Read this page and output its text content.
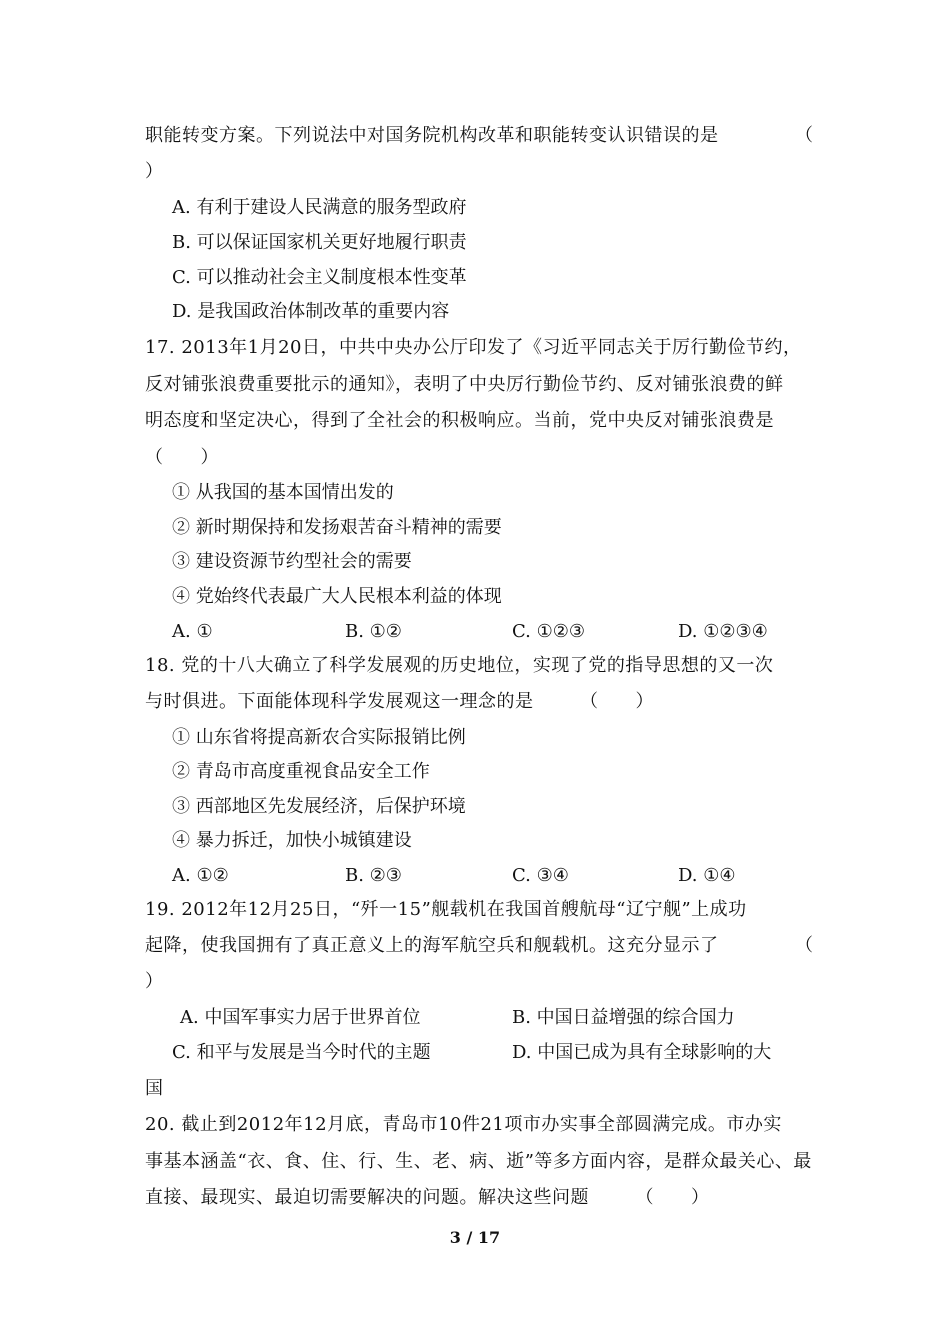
职能转变方案。下列说法中对国务院机构改革和职能转变认识错误的是	（
）
A. 有利于建设人民满意的服务型政府
B. 可以保证国家机关更好地履行职责
C. 可以推动社会主义制度根本性变革
D. 是我国政治体制改革的重要内容
17. 2013年1月20日，中共中央办公厅印发了《习近平同志关于厉行勤俭节约，
反对铺张浪费重要批示的通知》，表明了中央厉行勤俭节约、反对铺张浪费的鲜
明态度和坚定决心，得到了全社会的积极响应。当前，党中央反对铺张浪费是
（　　）
① 从我国的基本国情出发的
② 新时期保持和发扬艰苦奋斗精神的需要
③ 建设资源节约型社会的需要
④ 党始终代表最广大人民根本利益的体现
A. ①	B. ①②	C. ①②③	D. ①②③④
18. 党的十八大确立了科学发展观的历史地位，实现了党的指导思想的又一次
与时俱进。下面能体现科学发展观这一理念的是　　　（　　）
① 山东省将提高新农合实际报销比例
② 青岛市高度重视食品安全工作
③ 西部地区先发展经济，后保护环境
④ 暴力拆迁，加快小城镇建设
A. ①②	B. ②③	C. ③④	D. ①④
19. 2012年12月25日，“歼一15”舰载机在我国首艘航母“辽宁舰”上成功
起降，使我国拥有了真正意义上的海军航空兵和舰载机。这充分显示了	（
）
A. 中国军事实力居于世界首位	B. 中国日益增强的综合国力
C. 和平与发展是当今时代的主题	D. 中国已成为具有全球影响的大
国
20. 截止到2012年12月底，青岛市10件21项市办实事全部圆满完成。市办实
事基本涵盖“衣、食、住、行、生、老、病、逝”等多方面内容，是群众最关心、最
直接、最现实、最迫切需要解决的问题。解决这些问题　　　（　　）
3 / 17
